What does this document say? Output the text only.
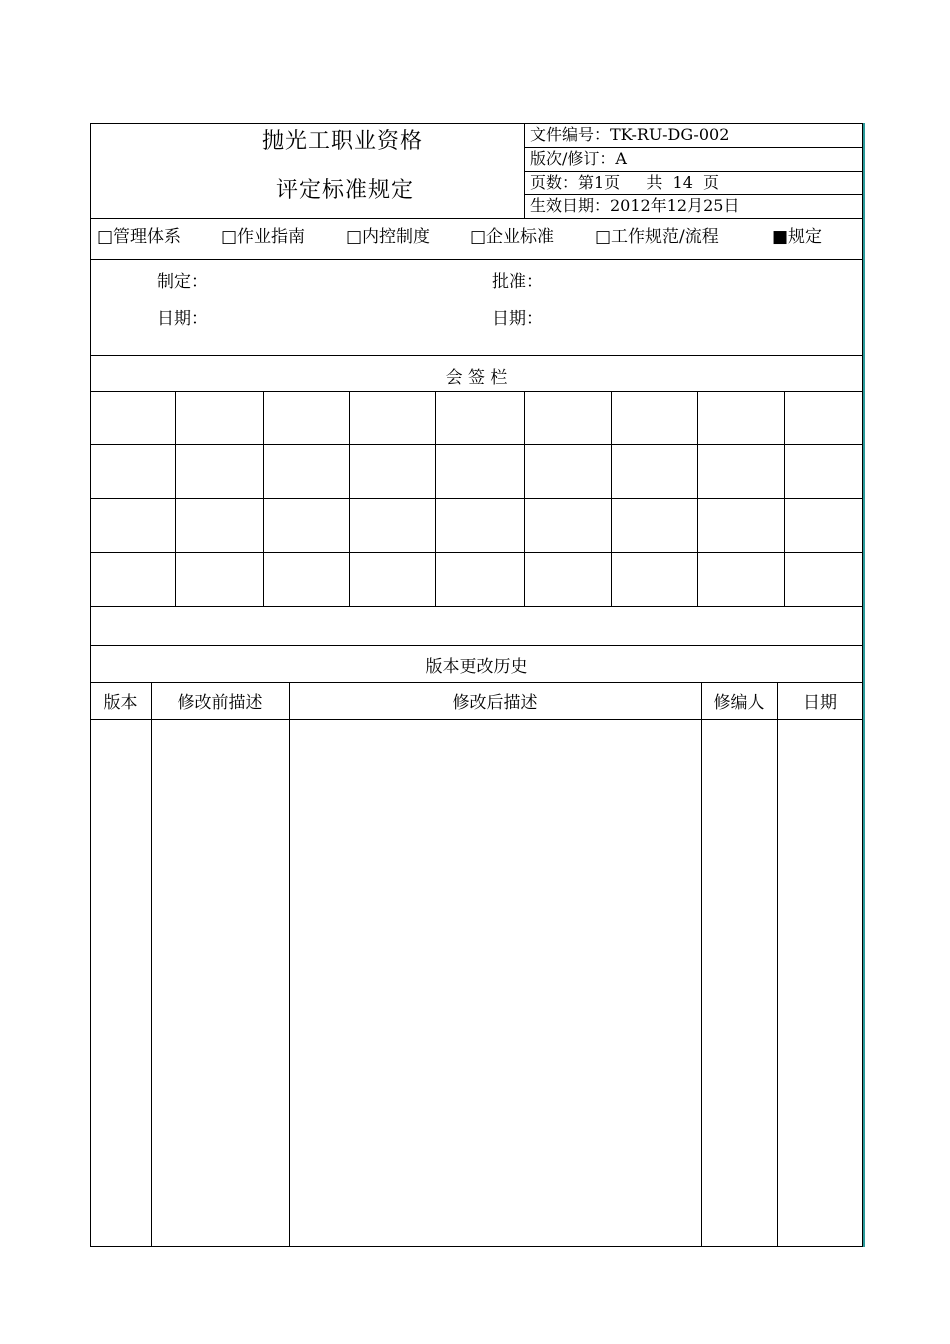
抛光工职业资格
评定标准规定
文件编号：TK-RU-DG-002
版次/修订：A
页数：第1页　  共  14  页
生效日期：2012年12月25日
□管理体系 □作业指南 □内控制度 □企业标准 □工作规范/流程	■规定
制定：	批准：
日期：	日期：
会 签 栏
版本更改历史
版本	修改前描述	修改后描述	修编人	日期
